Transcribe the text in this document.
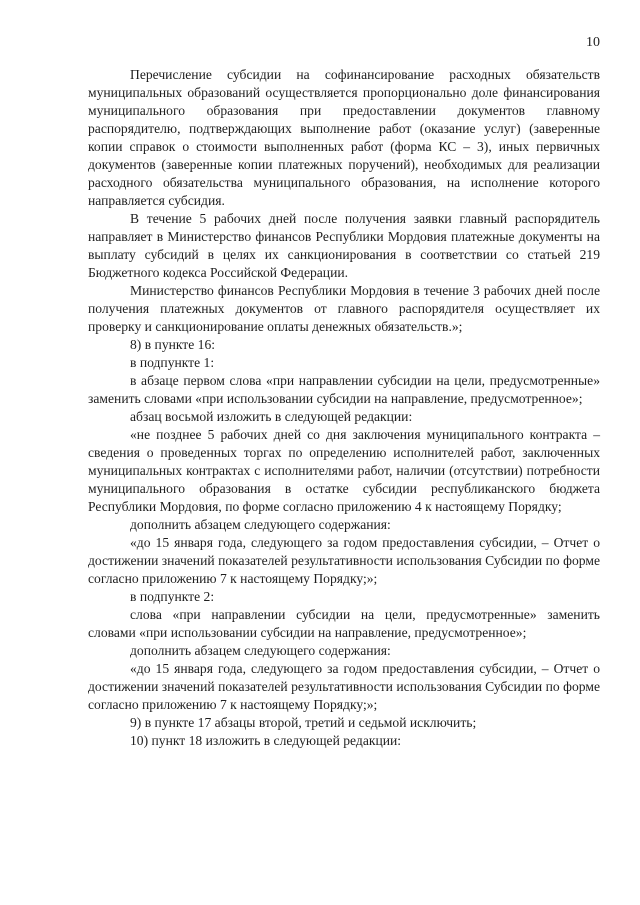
10

Перечисление субсидии на софинансирование расходных обязательств муниципальных образований осуществляется пропорционально доле финансирования муниципального образования при предоставлении документов главному распорядителю, подтверждающих выполнение работ (оказание услуг) (заверенные копии справок о стоимости выполненных работ (форма КС – 3), иных первичных документов (заверенные копии платежных поручений), необходимых для реализации расходного обязательства муниципального образования, на исполнение которого направляется субсидия.

В течение 5 рабочих дней после получения заявки главный распорядитель направляет в Министерство финансов Республики Мордовия платежные документы на выплату субсидий в целях их санкционирования в соответствии со статьей 219 Бюджетного кодекса Российской Федерации.

Министерство финансов Республики Мордовия в течение 3 рабочих дней после получения платежных документов от главного распорядителя осуществляет их проверку и санкционирование оплаты денежных обязательств.»;

8) в пункте 16:

в подпункте 1:

в абзаце первом слова «при направлении субсидии на цели, предусмотренные» заменить словами «при использовании субсидии на направление, предусмотренное»;

абзац восьмой изложить в следующей редакции:

«не позднее 5 рабочих дней со дня заключения муниципального контракта – сведения о проведенных торгах по определению исполнителей работ, заключенных муниципальных контрактах с исполнителями работ, наличии (отсутствии) потребности муниципального образования в остатке субсидии республиканского бюджета Республики Мордовия, по форме согласно приложению 4 к настоящему Порядку;

дополнить абзацем следующего содержания:

«до 15 января года, следующего за годом предоставления субсидии, – Отчет о достижении значений показателей результативности использования Субсидии по форме согласно приложению 7 к настоящему Порядку;»;

в подпункте 2:

слова «при направлении субсидии на цели, предусмотренные» заменить словами «при использовании субсидии на направление, предусмотренное»;

дополнить абзацем следующего содержания:

«до 15 января года, следующего за годом предоставления субсидии, – Отчет о достижении значений показателей результативности использования Субсидии по форме согласно приложению 7 к настоящему Порядку;»;

9) в пункте 17 абзацы второй, третий и седьмой исключить;

10) пункт 18 изложить в следующей редакции:
